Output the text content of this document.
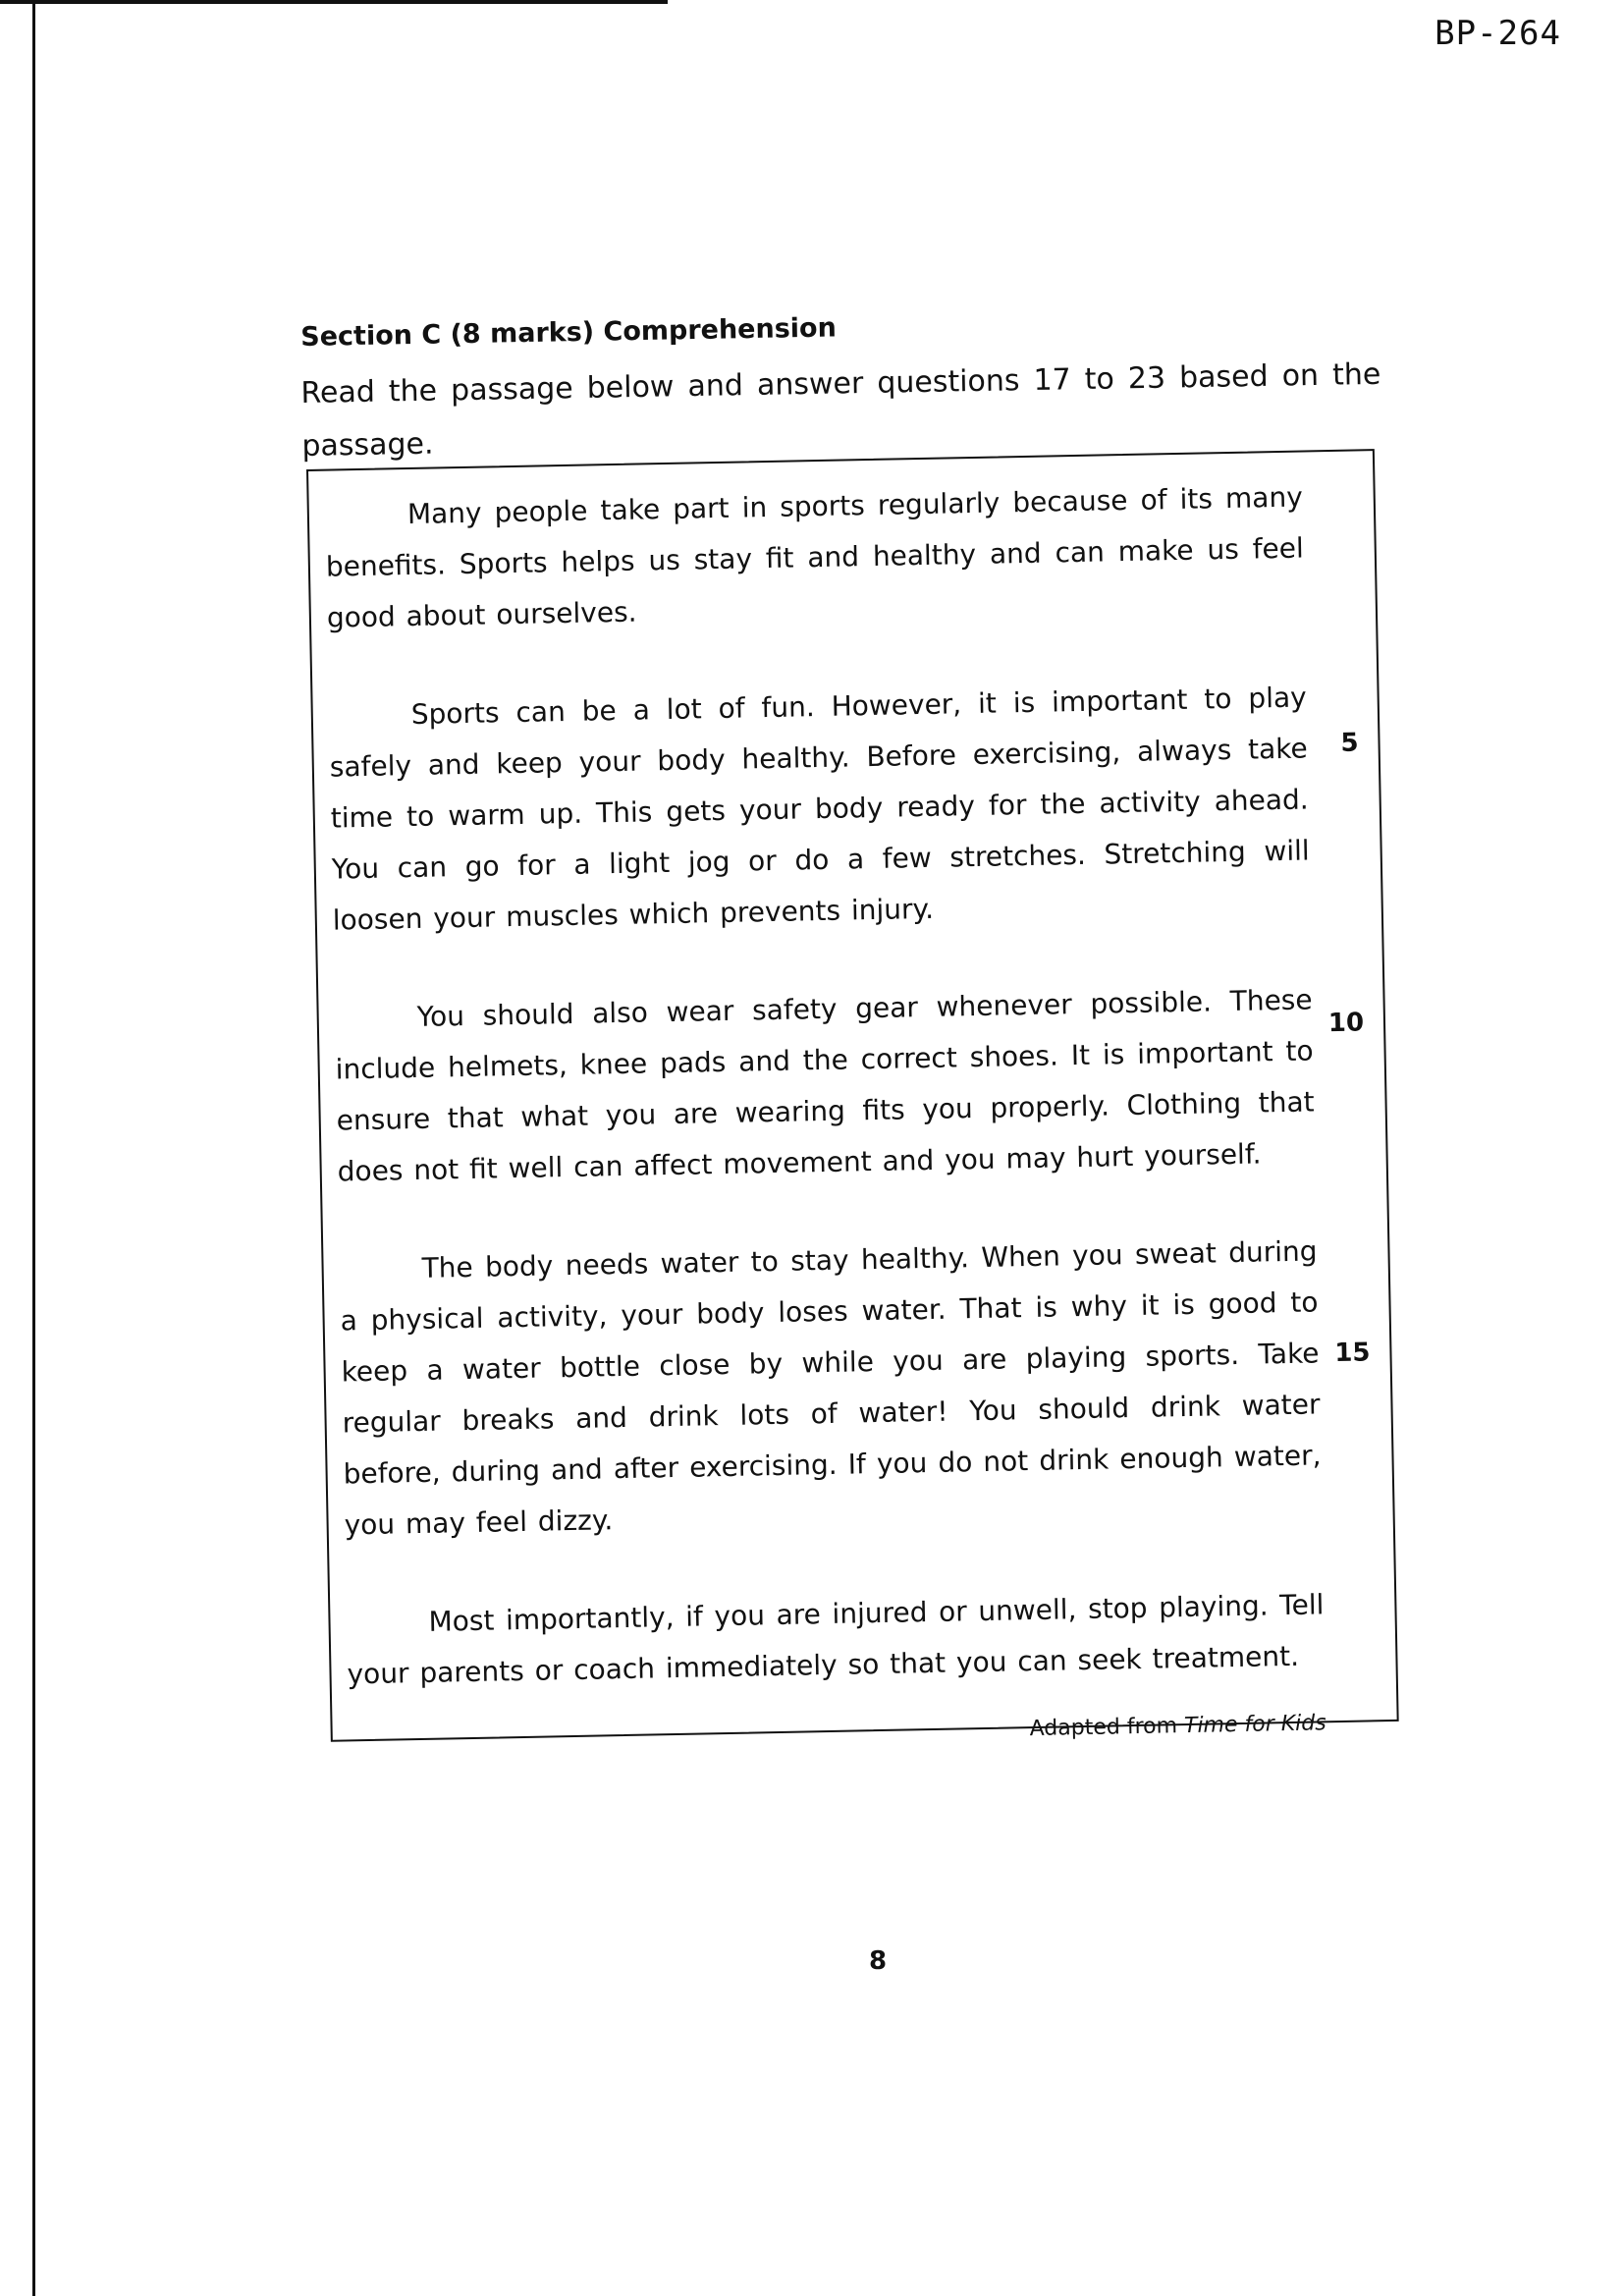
BP-264
Section C (8 marks) Comprehension
Read the passage below and answer questions 17 to 23 based on the passage.

Many people take part in sports regularly because of its many benefits. Sports helps us stay fit and healthy and can make us feel good about ourselves.

Sports can be a lot of fun. However, it is important to play safely and keep your body healthy. Before exercising, always take time to warm up. This gets your body ready for the activity ahead. You can go for a light jog or do a few stretches. Stretching will loosen your muscles which prevents injury.

You should also wear safety gear whenever possible. These include helmets, knee pads and the correct shoes. It is important to ensure that what you are wearing fits you properly. Clothing that does not fit well can affect movement and you may hurt yourself.

The body needs water to stay healthy. When you sweat during a physical activity, your body loses water. That is why it is good to keep a water bottle close by while you are playing sports. Take regular breaks and drink lots of water! You should drink water before, during and after exercising. If you do not drink enough water, you may feel dizzy.

Most importantly, if you are injured or unwell, stop playing. Tell your parents or coach immediately so that you can seek treatment.

Adapted from Time for Kids
5
10
15
8
